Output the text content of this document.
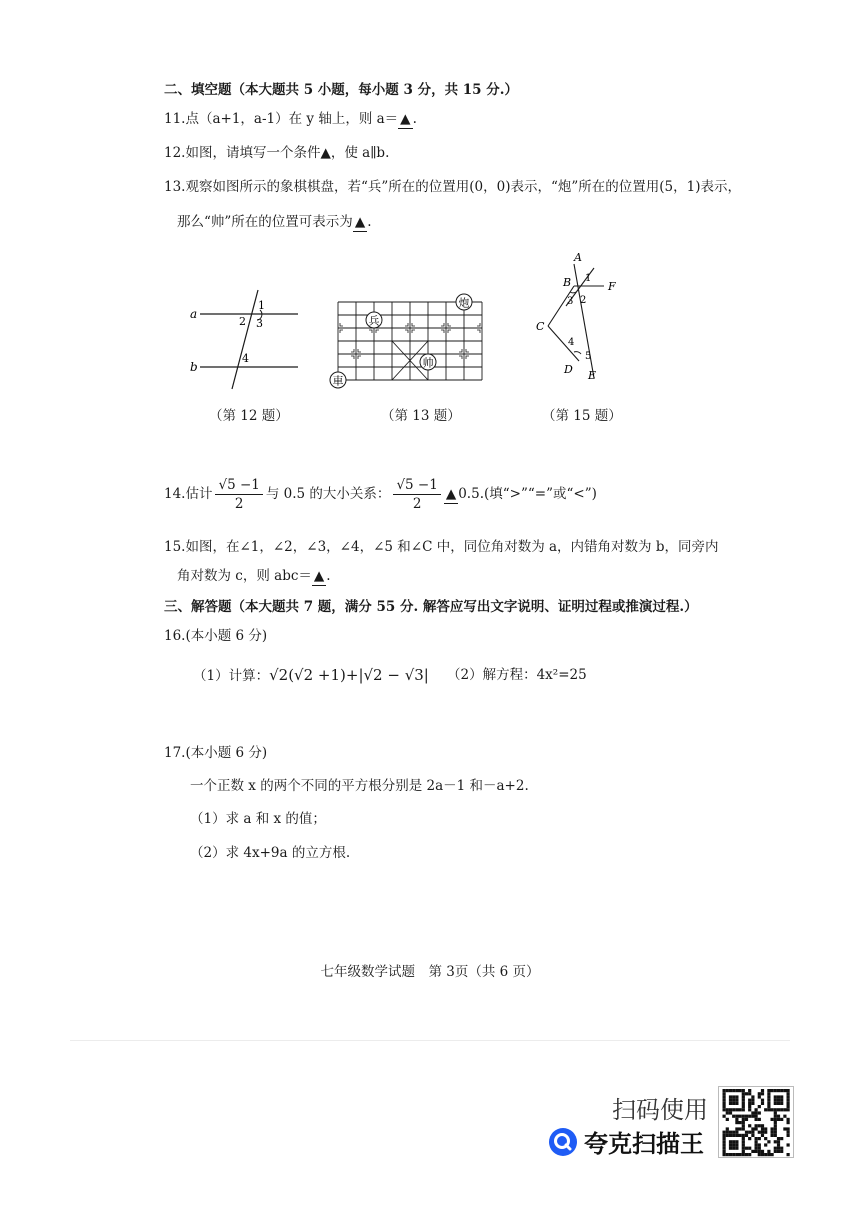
二、填空题（本大题共 5 小题，每小题 3 分，共 15 分.）
11.点（a+1，a-1）在 y 轴上，则 a＝ ▲ .
12.如图，请填写一个条件▲，使 a∥b.
13.观察如图所示的象棋棋盘，若“兵”所在的位置用(0，0)表示，“炮”所在的位置用(5，1)表示，
那么“帅”所在的位置可表示为 ▲ .
a
b
1
2 3
4
（第 12 题）
兵
炮
帅
車
（第 13 题）
A
B
C
D E
F
1
2
3
4
5
（第 15 题）
14.估计 $\frac{√5 -1}{2}$ 与 0.5 的大小关系： $\frac{√5 -1}{2}$ ▲ 0.5.(填“>”“=”或“<”)
15.如图，在∠1，∠2，∠3，∠4，∠5 和∠C 中，同位角对数为 a，内错角对数为 b，同旁内
角对数为 c，则 abc＝ ▲ .
三、解答题（本大题共 7 题，满分 55 分. 解答应写出文字说明、证明过程或推演过程.）
16.(本小题 6 分)
（1）计算：√2(√2 +1)+|√2 − √3| （2）解方程：4x²=25
17.(本小题 6 分)
一个正数 x 的两个不同的平方根分别是 2a－1 和－a+2.
（1）求 a 和 x 的值；
（2）求 4x+9a 的立方根.
七年级数学试题　第 3页（共 6 页）
扫码使用
夸克扫描王
